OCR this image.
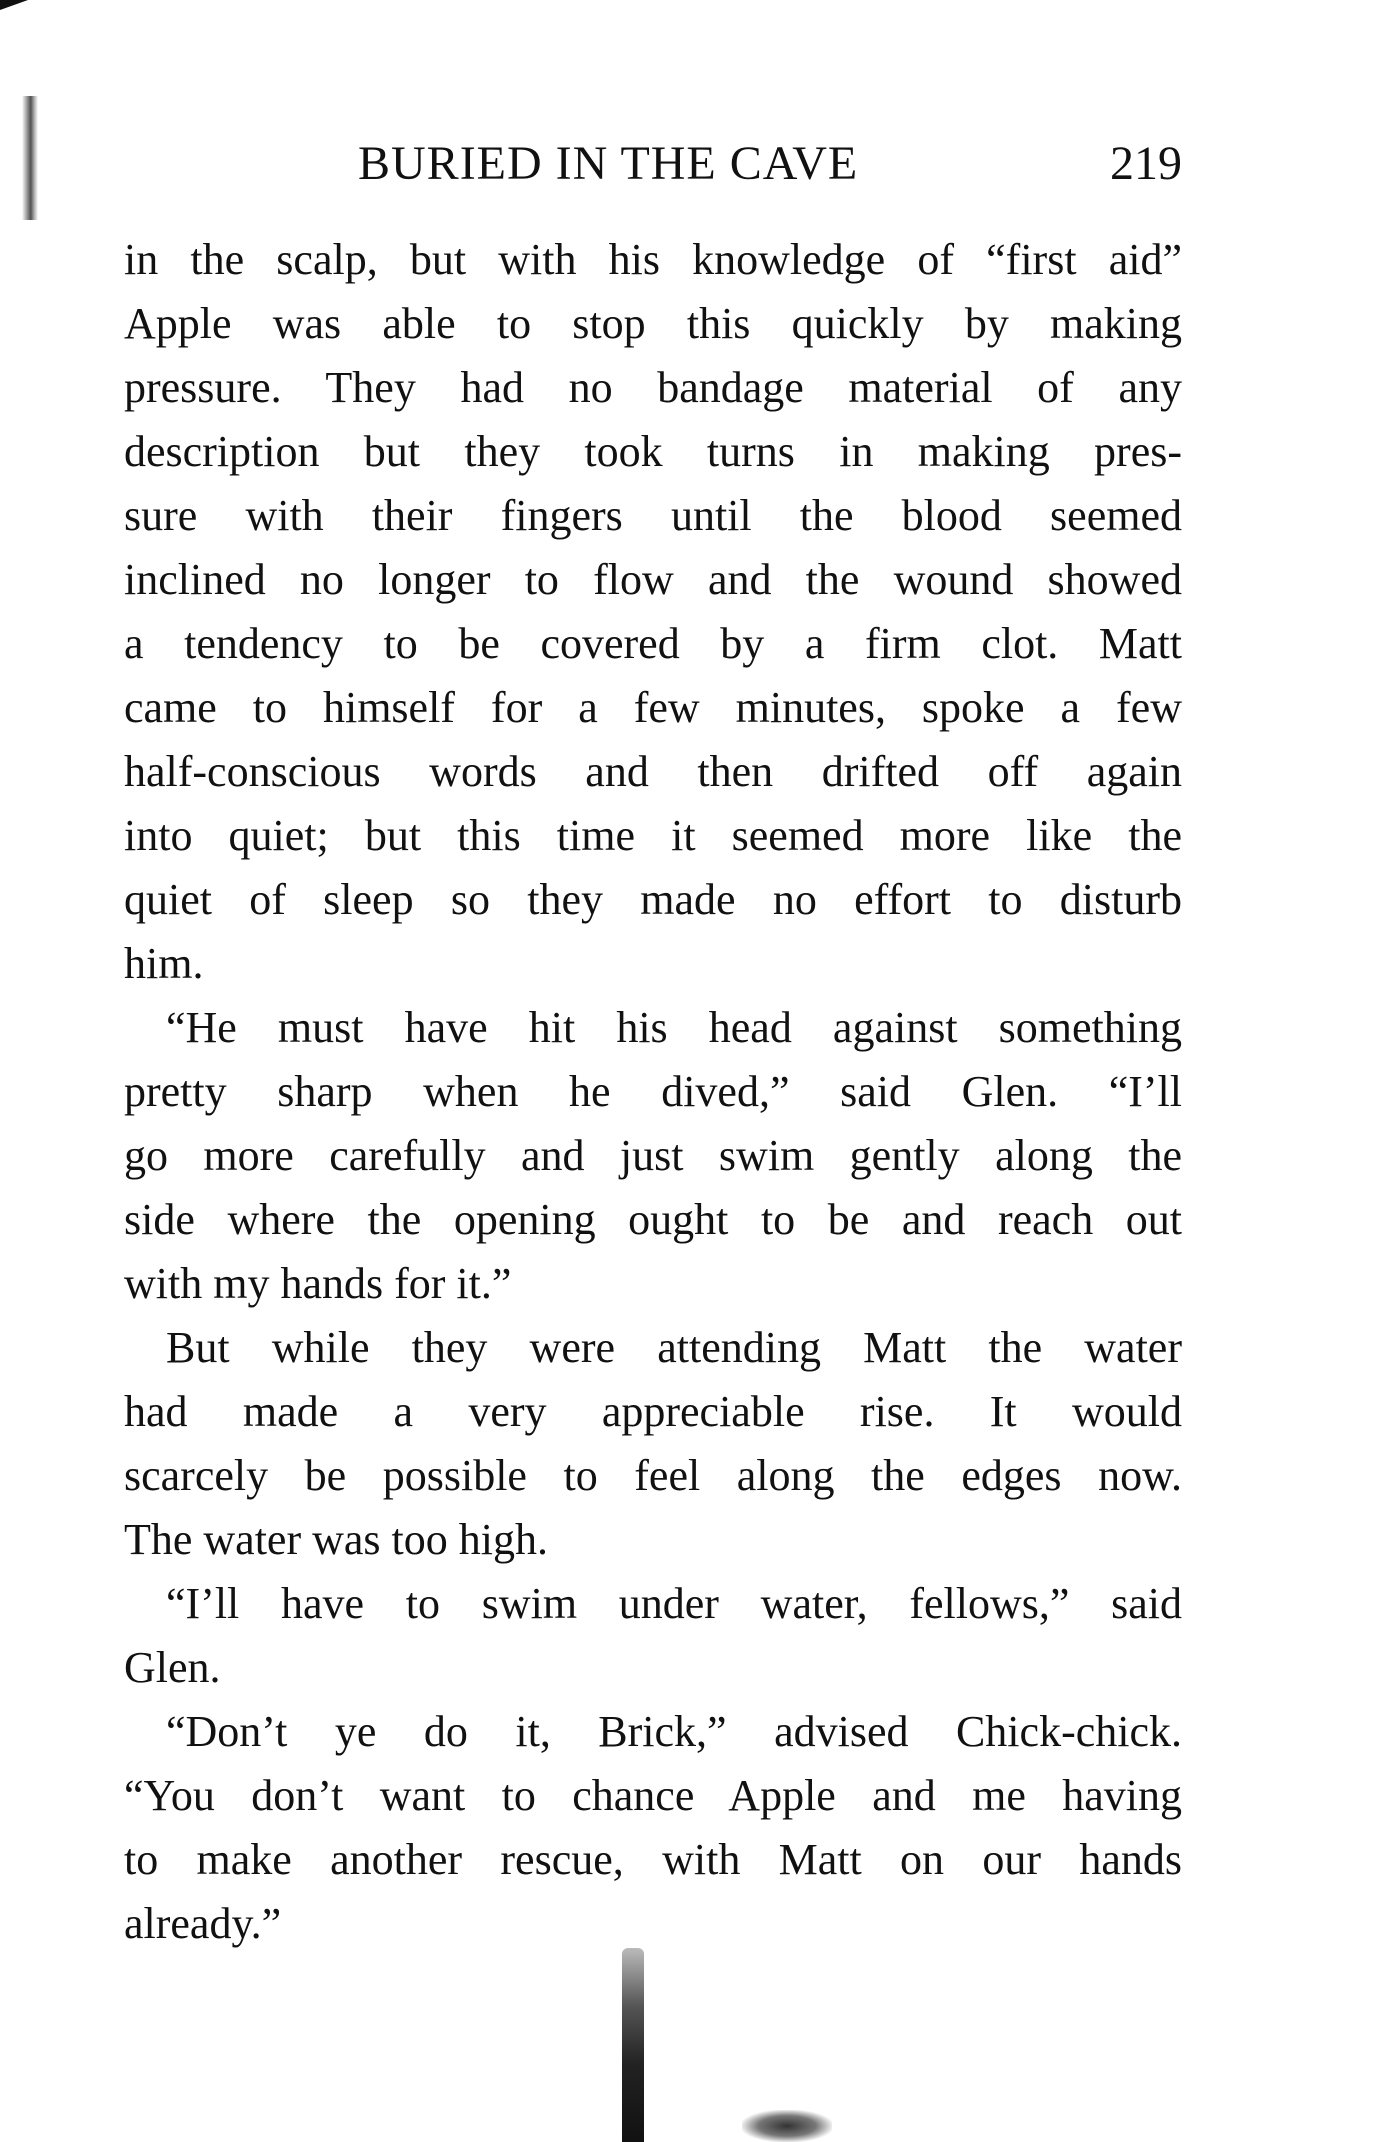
BURIED IN THE CAVE	219
in the scalp, but with his knowledge of “first aid”
Apple was able to stop this quickly by making
pressure. They had no bandage material of any
description but they took turns in making pres-
sure with their fingers until the blood seemed
inclined no longer to flow and the wound showed
a tendency to be covered by a firm clot. Matt
came to himself for a few minutes, spoke a few
half-conscious words and then drifted off again
into quiet; but this time it seemed more like the
quiet of sleep so they made no effort to disturb
him.
“He must have hit his head against something
pretty sharp when he dived,” said Glen. “I’ll
go more carefully and just swim gently along the
side where the opening ought to be and reach out
with my hands for it.”
But while they were attending Matt the water
had made a very appreciable rise. It would
scarcely be possible to feel along the edges now.
The water was too high.
“I’ll have to swim under water, fellows,” said
Glen.
“Don’t ye do it, Brick,” advised Chick-chick.
“You don’t want to chance Apple and me having
to make another rescue, with Matt on our hands
already.”
